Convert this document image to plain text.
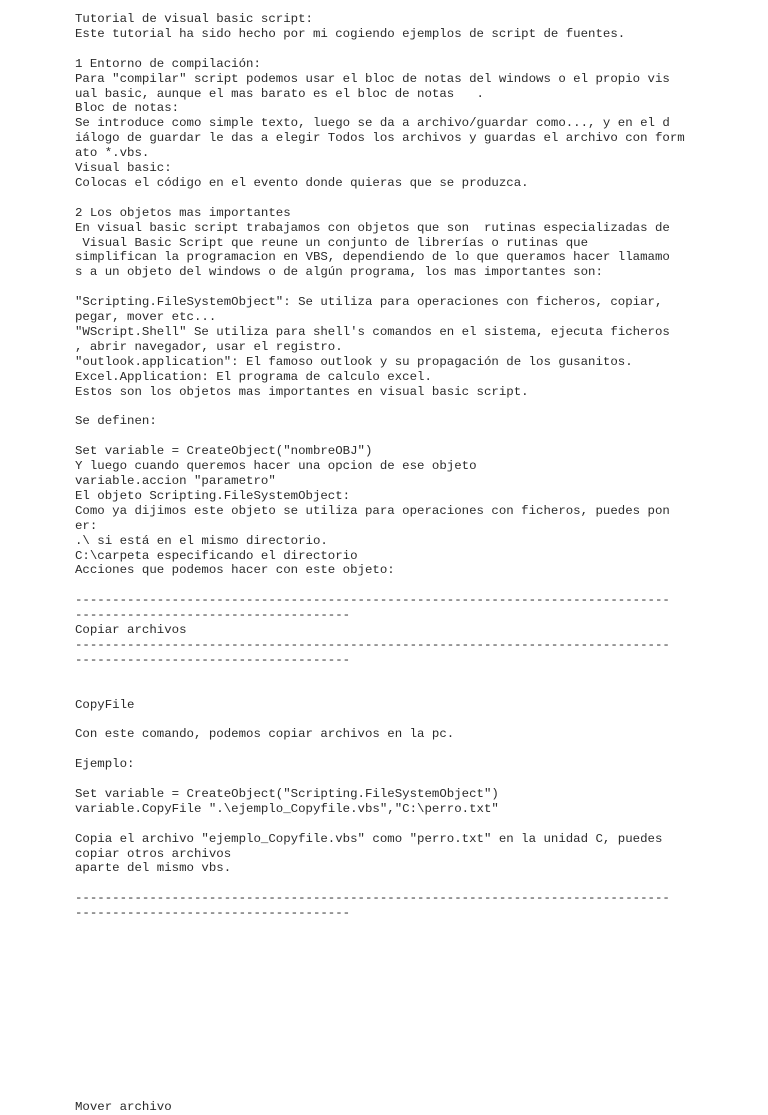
Tutorial de visual basic script:
Este tutorial ha sido hecho por mi cogiendo ejemplos de script de fuentes.
1 Entorno de compilación:
Para "compilar" script podemos usar el bloc de notas del windows o el propio vis
ual basic, aunque el mas barato es el bloc de notas   .
Bloc de notas:
Se introduce como simple texto, luego se da a archivo/guardar como..., y en el d
iálogo de guardar le das a elegir Todos los archivos y guardas el archivo con form
ato *.vbs.
Visual basic:
Colocas el código en el evento donde quieras que se produzca.
2 Los objetos mas importantes
En visual basic script trabajamos con objetos que son  rutinas especializadas de
Visual Basic Script que reune un conjunto de librerías o rutinas que
simplifican la programacion en VBS, dependiendo de lo que queramos hacer llamamo
s a un objeto del windows o de algún programa, los mas importantes son:
"Scripting.FileSystemObject": Se utiliza para operaciones con ficheros, copiar,
pegar, mover etc...
"WScript.Shell" Se utiliza para shell's comandos en el sistema, ejecuta ficheros
, abrir navegador, usar el registro.
"outlook.application": El famoso outlook y su propagación de los gusanitos.
Excel.Application: El programa de calculo excel.
Estos son los objetos mas importantes en visual basic script.
Se definen:
Set variable = CreateObject("nombreOBJ")
Y luego cuando queremos hacer una opcion de ese objeto
variable.accion "parametro"
El objeto Scripting.FileSystemObject:
Como ya dijimos este objeto se utiliza para operaciones con ficheros, puedes pon
er:
.\ si está en el mismo directorio.
C:\carpeta especificando el directorio
Acciones que podemos hacer con este objeto:
--------------------------------------------------------------------------------
-------------------------------------
Copiar archivos
--------------------------------------------------------------------------------
-------------------------------------
CopyFile
Con este comando, podemos copiar archivos en la pc.
Ejemplo:
Set variable = CreateObject("Scripting.FileSystemObject")
variable.CopyFile ".\ejemplo_Copyfile.vbs","C:\perro.txt"
Copia el archivo "ejemplo_Copyfile.vbs" como "perro.txt" en la unidad C, puedes
copiar otros archivos
aparte del mismo vbs.
--------------------------------------------------------------------------------
-------------------------------------
Mover archivo
